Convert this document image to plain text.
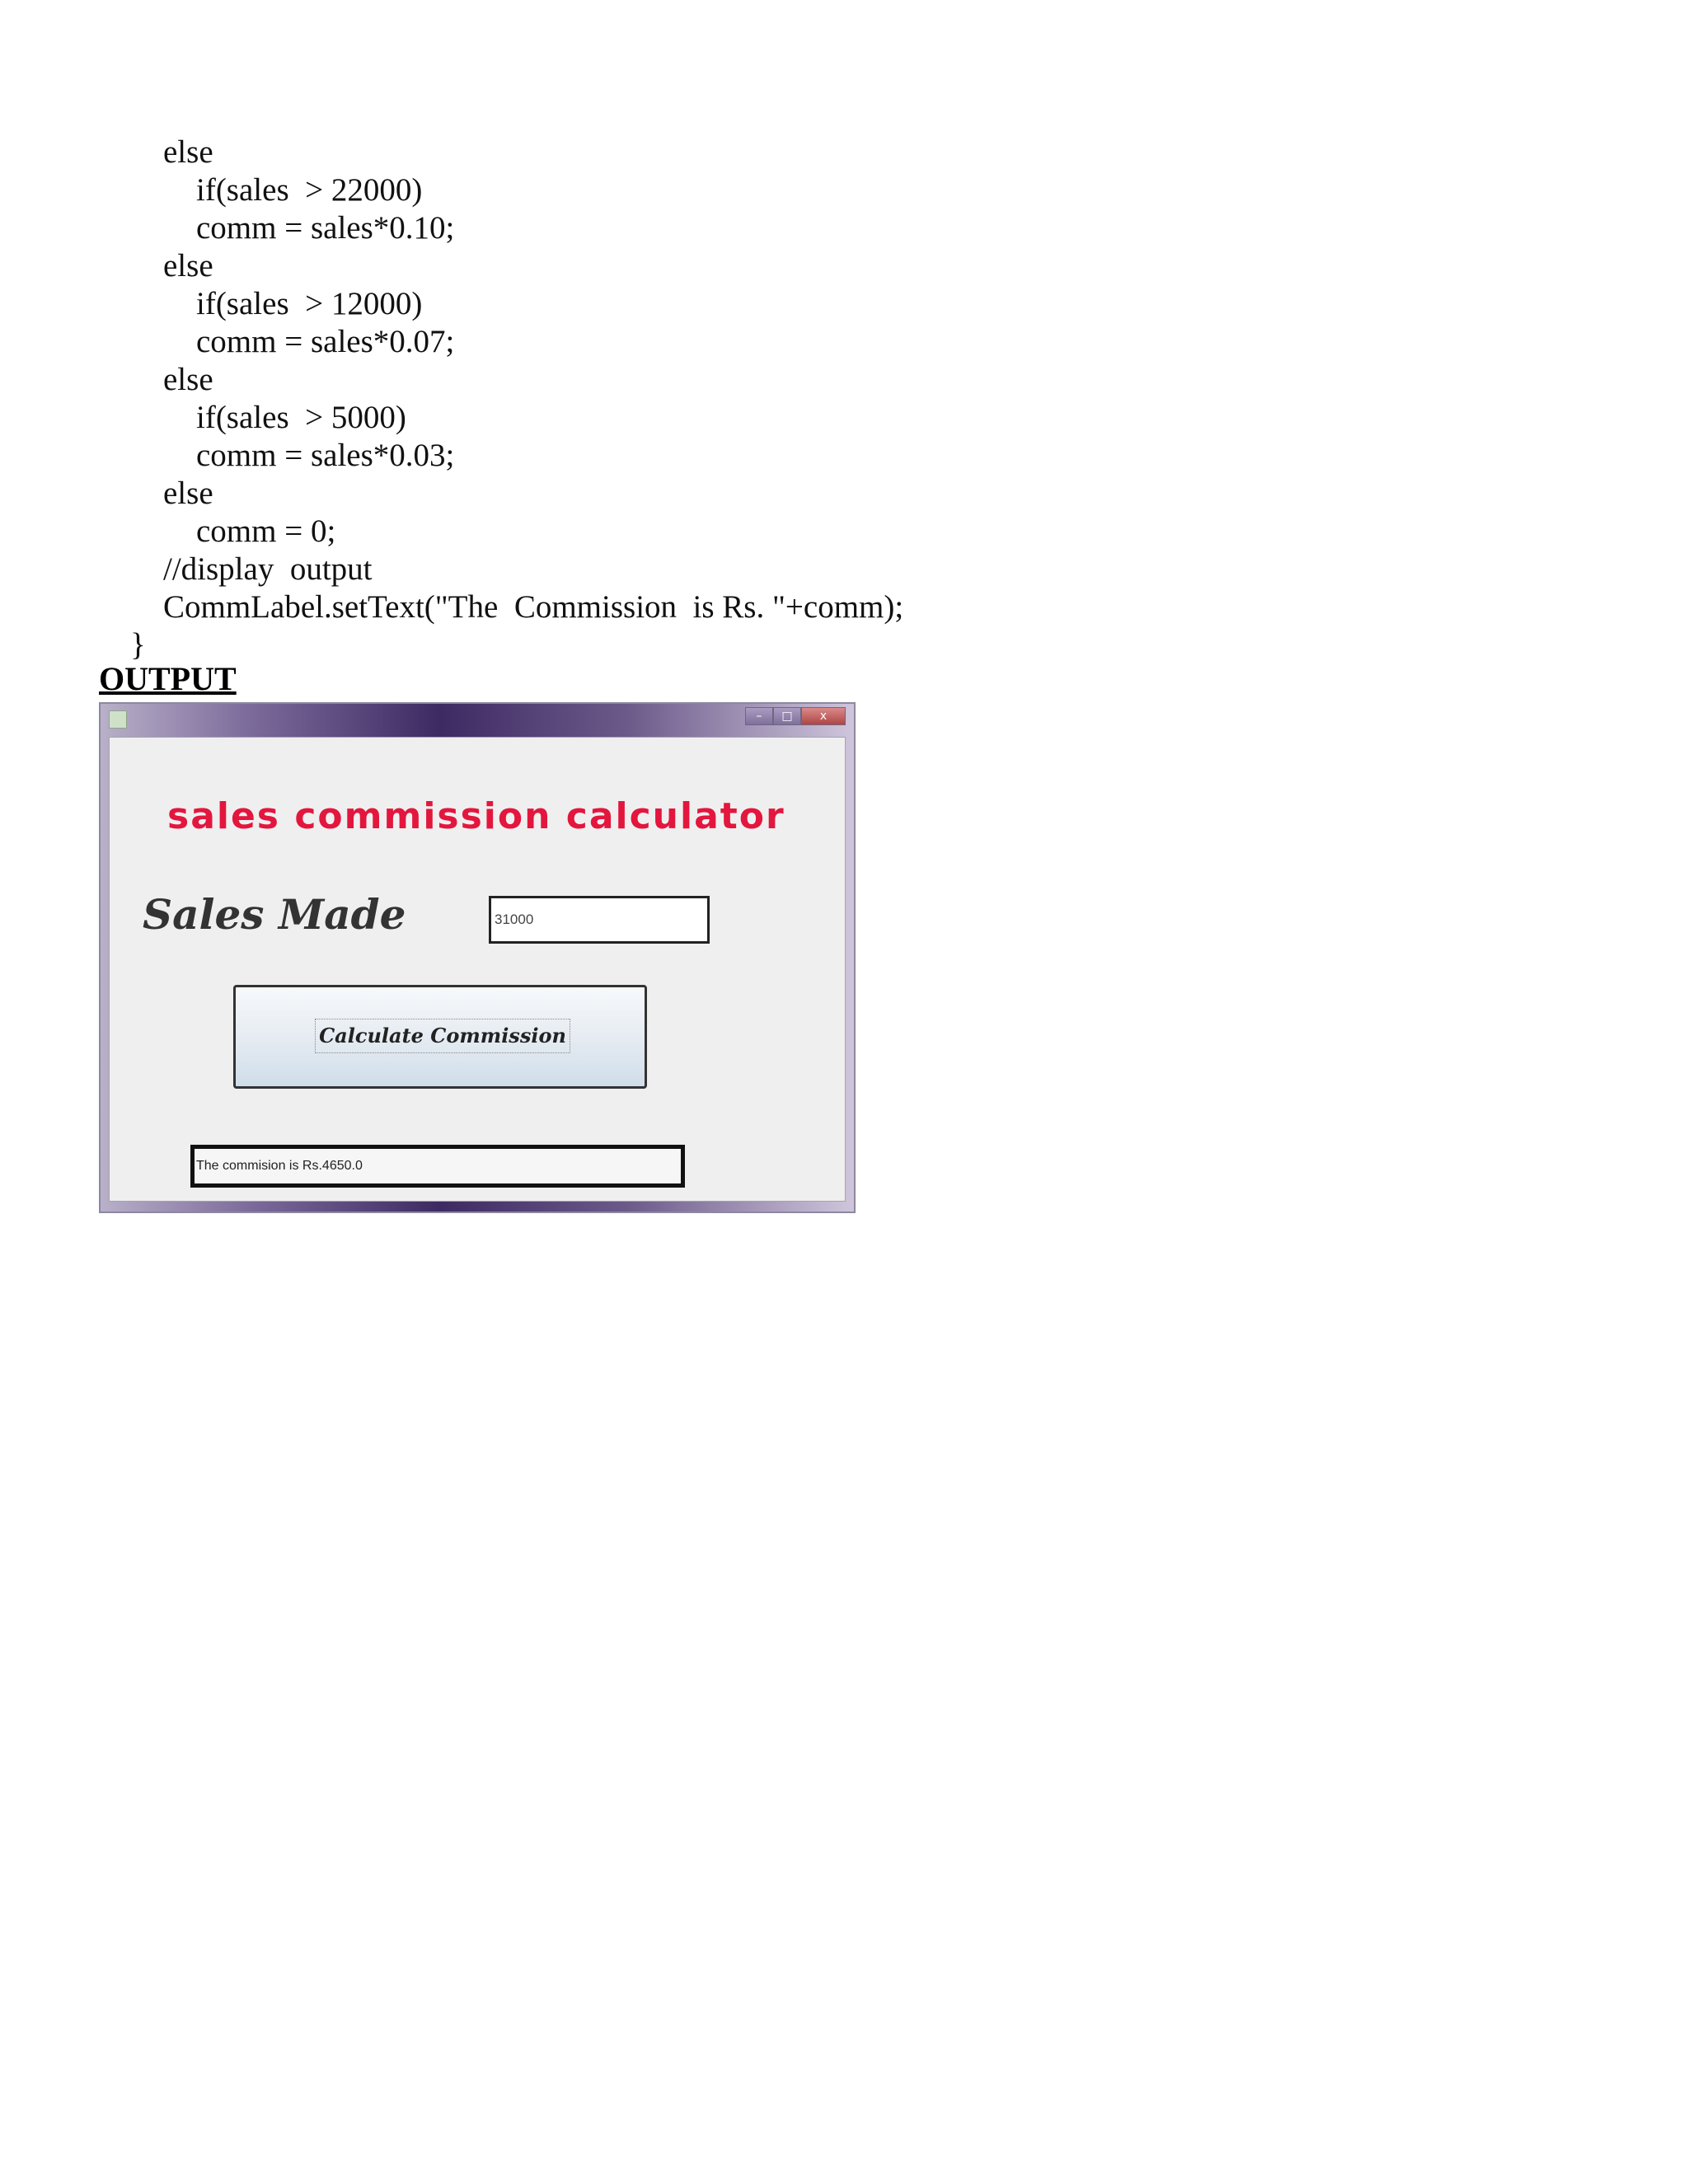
else
if(sales  > 22000)
comm = sales*0.10;
else
if(sales  > 12000)
comm = sales*0.07;
else
if(sales  > 5000)
comm = sales*0.03;
else
comm = 0;
//display  output
CommLabel.setText("The  Commission  is Rs. "+comm);
}
OUTPUT
–	□	x
sales commission calculator
Sales Made	31000
Calculate Commission
The commision is Rs.4650.0
